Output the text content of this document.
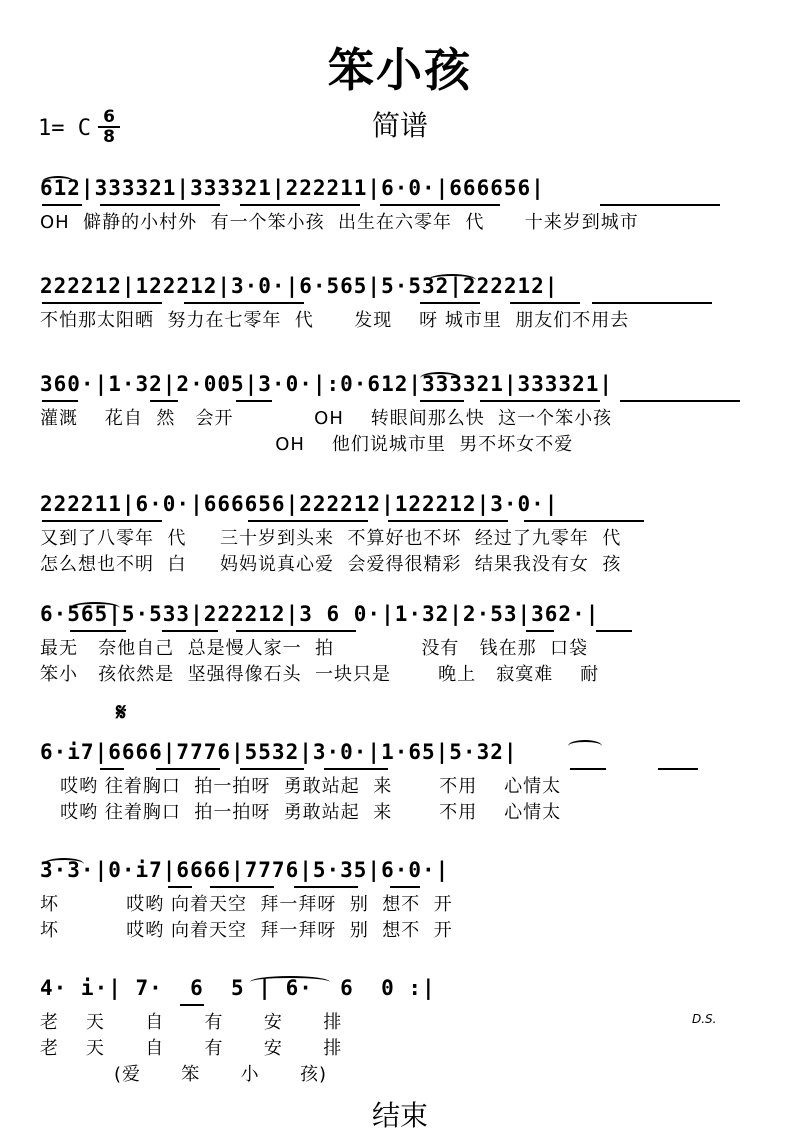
笨小孩
简谱
1= C 6
8
612|333321|333321|222211|6·0·|666656|
OH  僻静的小村外  有一个笨小孩  出生在六零年  代      十来岁到城市
222212|122212|3·0·|6·565|5·532|222212|
不怕那太阳晒  努力在七零年  代      发现    呀 城市里  朋友们不用去
360·|1·32|2·005|3·0·|:0·612|333321|333321|
灌溉    花自  然   会开            OH    转眼间那么快  这一个笨小孩
OH    他们说城市里  男不坏女不爱
222211|6·0·|666656|222212|122212|3·0·|
又到了八零年  代     三十岁到头来  不算好也不坏  经过了九零年  代
怎么想也不明  白     妈妈说真心爱  会爱得很精彩  结果我没有女  孩
6·565|5·533|222212|3 6 0·|1·32|2·53|362·|
最无   奈他自己  总是慢人家一  拍             没有   钱在那  口袋
笨小   孩依然是  坚强得像石头  一块只是       晚上   寂寞难    耐
𝄋
6·i7|6666|7776|5532|3·0·|1·65|5·32|
哎哟 往着胸口  拍一拍呀  勇敢站起  来       不用    心情太
哎哟 往着胸口  拍一拍呀  勇敢站起  来       不用    心情太
3·3·|0·i7|6666|7776|5·35|6·0·|
坏          哎哟 向着天空  拜一拜呀  别  想不  开
坏          哎哟 向着天空  拜一拜呀  别  想不  开
4· i·| 7·  6  5 | 6·  6  0 :|
老    天      自      有      安      排
老    天      自      有      安      排
(爱      笨      小      孩)
D.S.
结束
